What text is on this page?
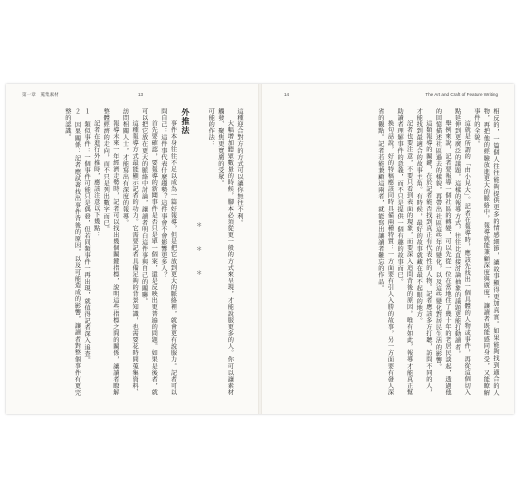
第一章　蒐集素材	13

這種迎合對方的方式可以讓你無往不利。

大幅增加聽眾數量的時候，腳本必須從更一般的方式來呈現，才能說服更多的人。你可以讓素材觸發、聚焦更寬廣的受眾。

可能的作法：

＊　＊　＊

外推法

事件本身往往不足以成為一篇好報導，但是把它放到更大的脈絡裡，就會更有說服力。記者可以問自己：這件事代表什麼趨勢？這件事會不會影響更多人？

首先要確認，要報導的新聞事件是否只是單一個案，還是反映出更普遍的問題。如果是後者，就可以把它放在更大的脈絡中討論，讓讀者明白這件事與自己的關聯。

這種報導方式最能顯示記者的功力。它需要記者具備足夠的背景知識，也需要花時間蒐集資料、訪問相關人士，才能寫出有深度的報導。

報導未來一年經濟走勢時，記者可以找出幾個關鍵指標，說明這些指標之間的關係，讓讀者瞭解整體經濟的走向，而不只是列出數字而已。

記者在進行外推時，應該注意以下幾點：

１　類似事件：一個事件可能只是偶發，但若同類事件一再出現，就值得記者深入追查。

２　因果關係：記者應試著找出事件背後的原因，以及可能造成的影響，讓讀者對整個事件有更完整的認識。

14	The Art and Craft of Feature Writing

相反的，一篇個人往往能夠提供更多的情感細節，讓故事顯得更加真實。如果能夠找到適合的人物，再把他的經驗放進更大的脈絡中，報導就能兼顧深度與廣度，讓讀者既能感同身受，又能瞭解事件的全貌。

這就是所謂的「由小見大」。記者在報導時，應該先找出一個具體的人物或事件，再從這個切入點延伸到更廣泛的議題。這樣的報導方式，往往比直接討論抽象的議題更能打動讀者。

舉例來說，記者要報導一個社區的轉變，可以先從一位在當地住了幾十年的老居民談起，透過他的回憶描述社區過去的樣貌，再帶出社區這些年的變化，以及這些變化對居民生活的影響。

這類報導的關鍵，在於記者能否找到真正有代表性的人物。記者應該多方打聽，訪問不同的人，才能找到最適合的故事主角。有時候，最好的故事就藏在最不起眼的地方。

記者也要注意，不要只看到表面的現象，而要深入追問背後的原因。唯有如此，報導才能真正幫助讀者理解事件的意義，而不只是提供一個有趣的故事而已。

換句話說，好的特稿應該同時具備兩種特質：一方面要有引人入勝的故事，另一方面要有發人深省的觀點。記者若能兼顧這兩者，就能寫出讓讀者難忘的作品。
